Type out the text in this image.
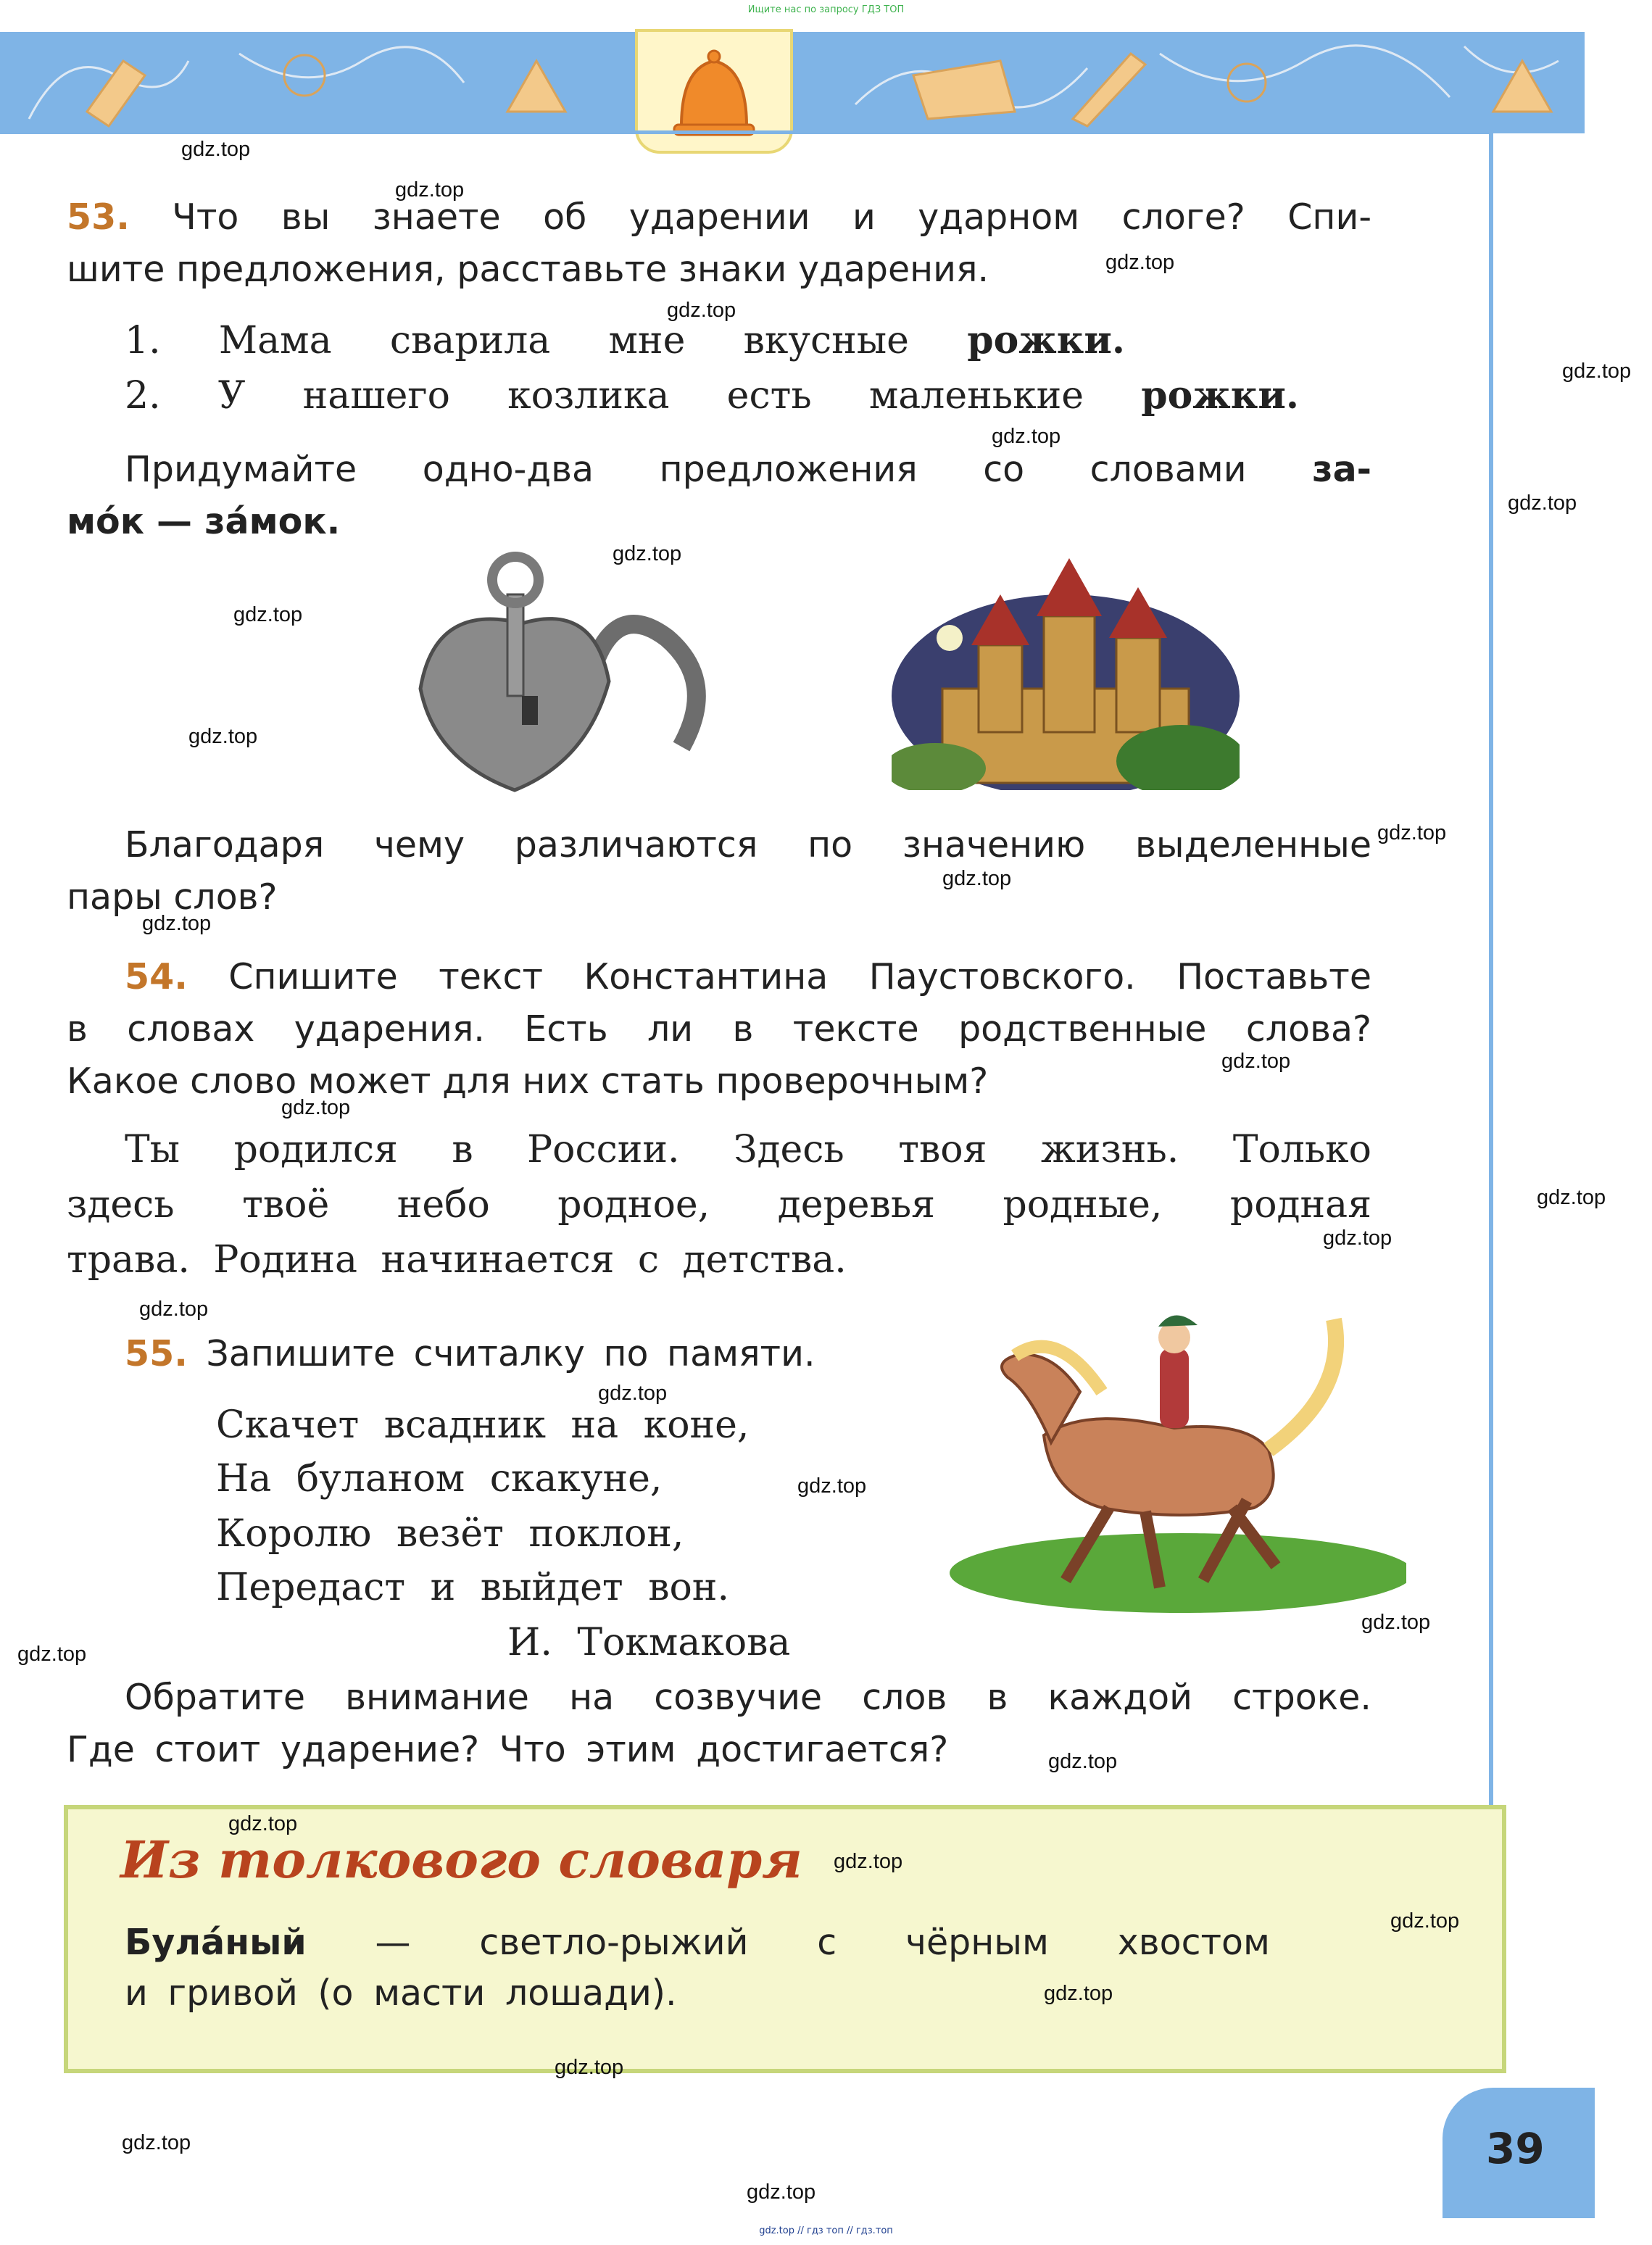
Ищите нас по запросу ГДЗ ТОП
gdz.top // гдз топ // гдз.топ
53. Что вы знаете об ударении и ударном слоге? Спи-
шите предложения, расставьте знаки ударения.
1. Мама сварила мне вкусные рожки.
2. У нашего козлика есть маленькие рожки.
Придумайте одно-два предложения со словами за-
мо́к — за́мок.
Благодаря чему различаются по значению выделенные
пары слов?
54. Спишите текст Константина Паустовского. Поставьте
в словах ударения. Есть ли в тексте родственные слова?
Какое слово может для них стать проверочным?
Ты родился в России. Здесь твоя жизнь. Только
здесь твоё небо родное, деревья родные, родная
трава. Родина начинается с детства.
55. Запишите считалку по памяти.
Скачет всадник на коне,
На буланом скакуне,
Королю везёт поклон,
Передаст и выйдет вон.
И. Токмакова
Обратите внимание на созвучие слов в каждой строке.
Где стоит ударение? Что этим достигается?
Из толкового словаря
Була́ный — светло-рыжий с чёрным хвостом
и гривой (о масти лошади).
39
gdz.top
gdz.top
gdz.top
gdz.top
gdz.top
gdz.top
gdz.top
gdz.top
gdz.top
gdz.top
gdz.top
gdz.top
gdz.top
gdz.top
gdz.top
gdz.top
gdz.top
gdz.top
gdz.top
gdz.top
gdz.top
gdz.top
gdz.top
gdz.top
gdz.top
gdz.top
gdz.top
gdz.top
gdz.top
gdz.top
